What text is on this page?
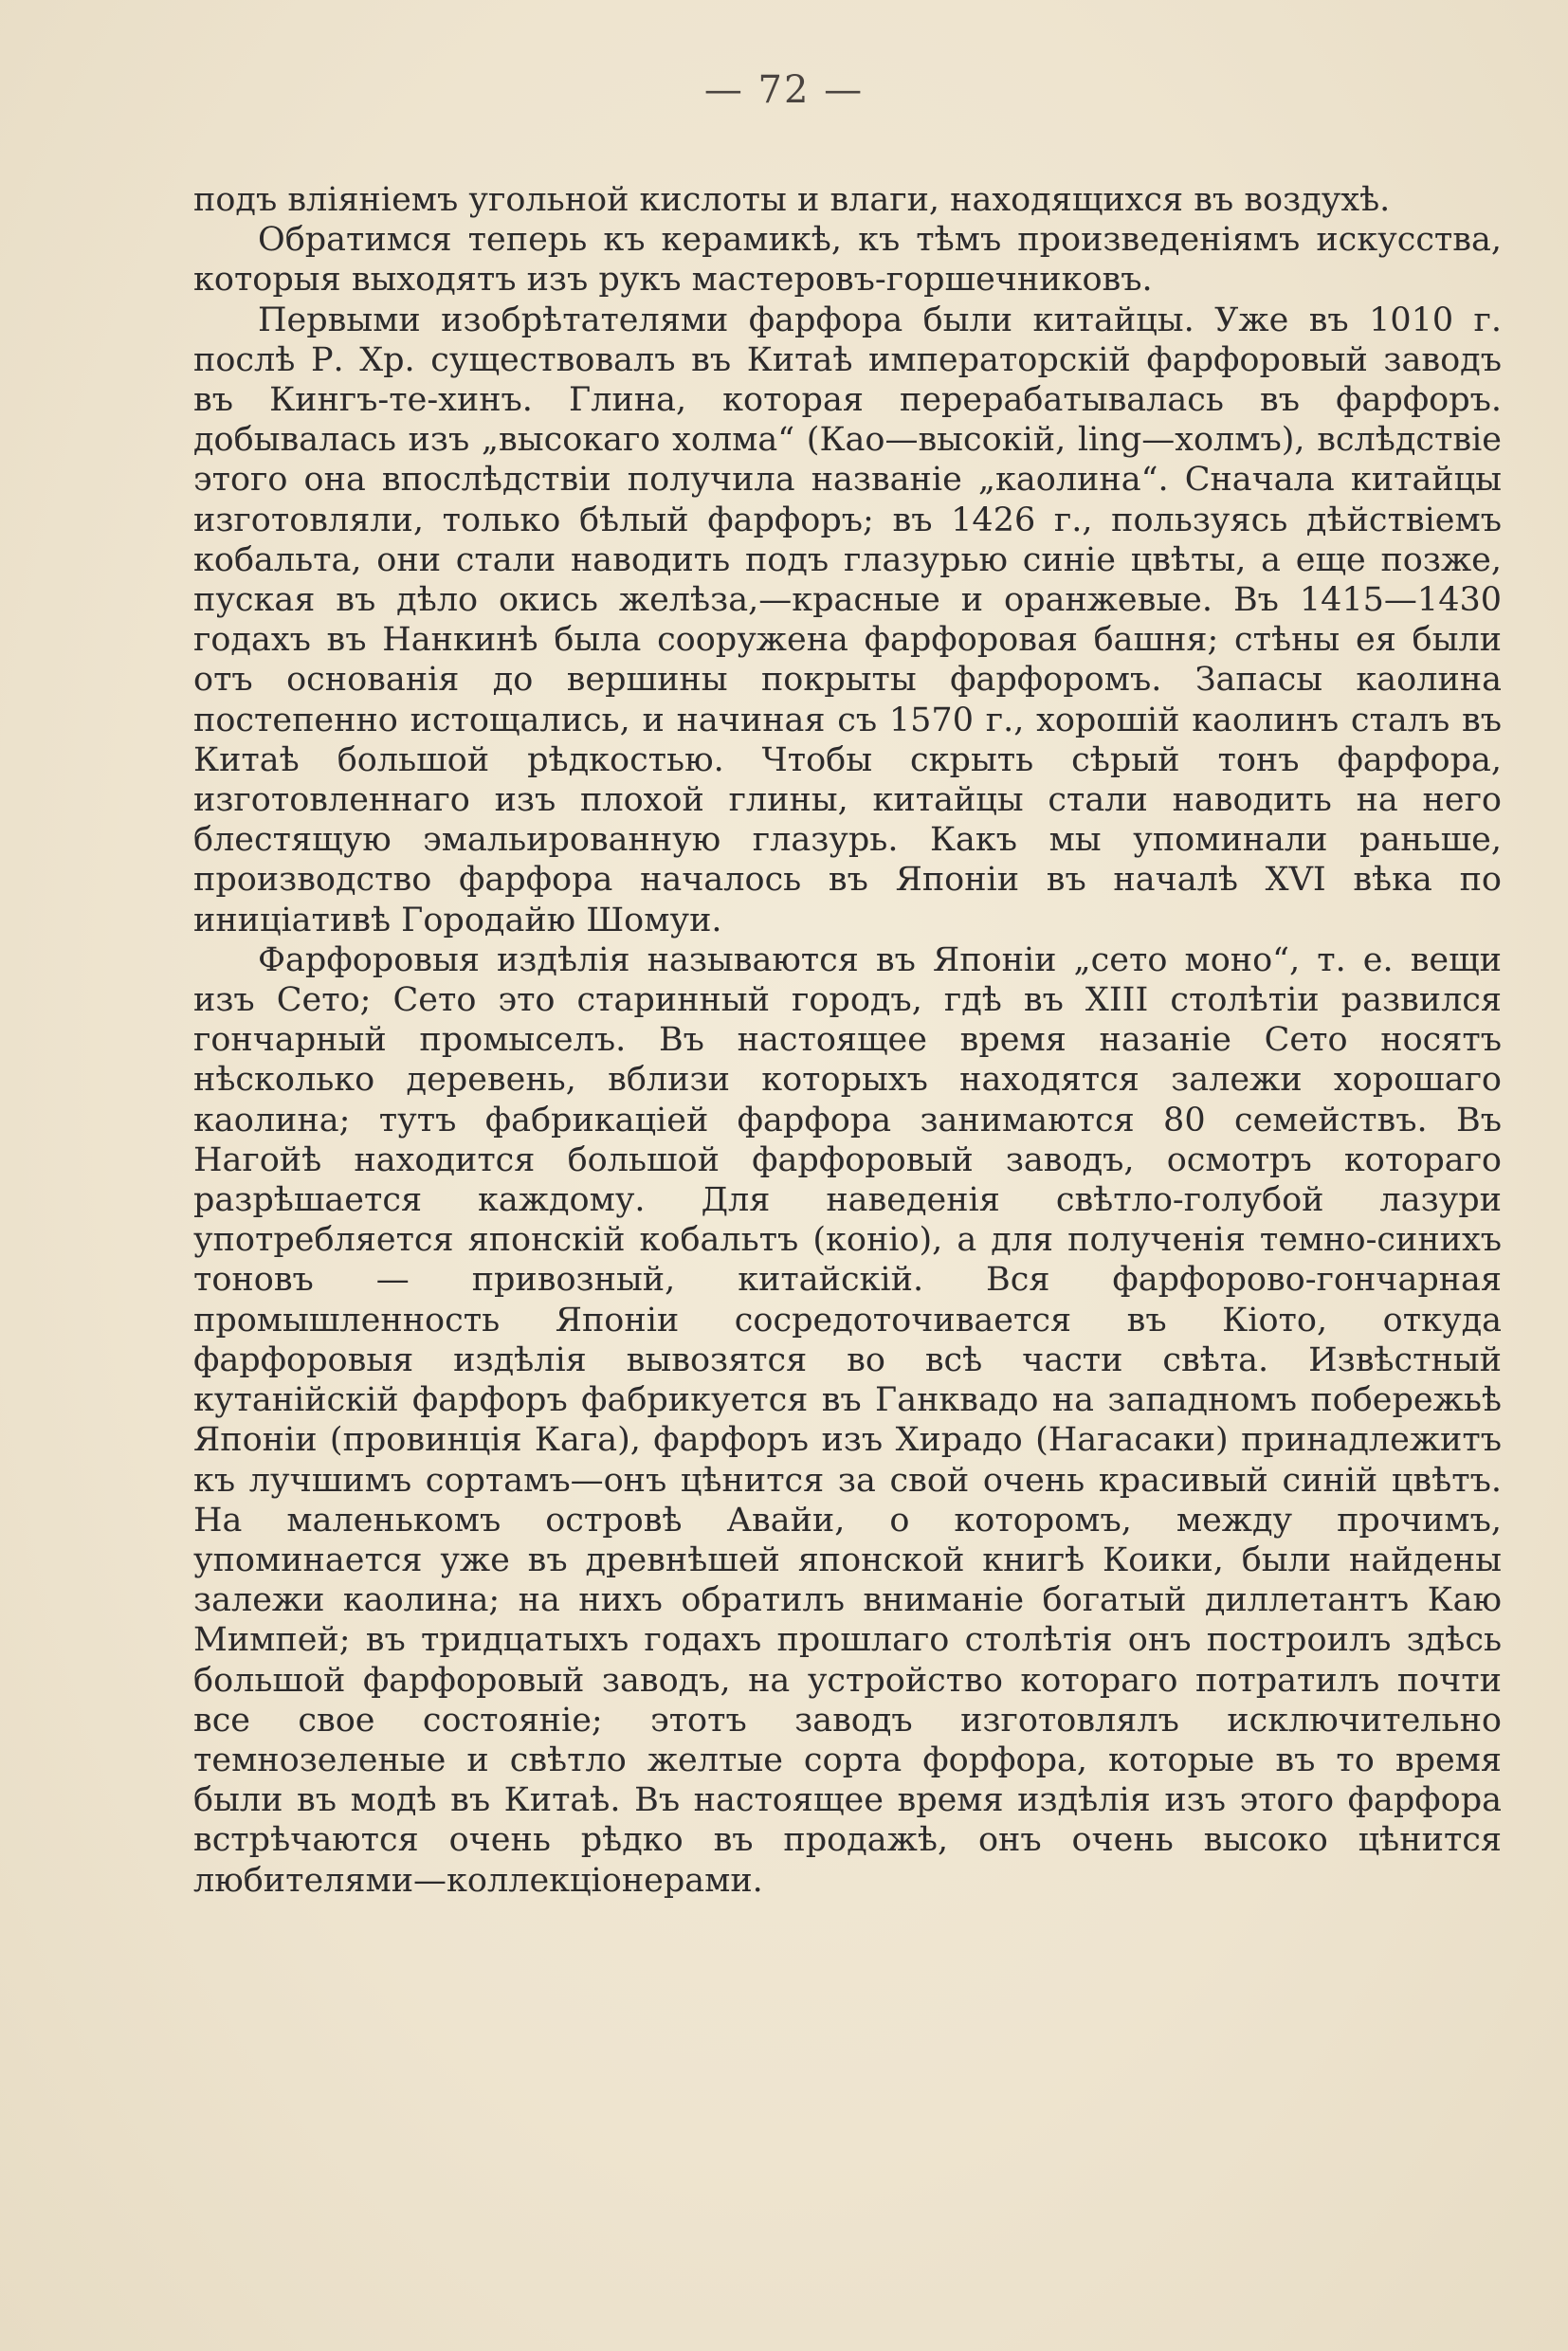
— 72 —

подъ вліяніемъ угольной кислоты и влаги, находящихся въ воздухѣ.

Обратимся теперь къ керамикѣ, къ тѣмъ произведеніямъ искусства, которыя выходятъ изъ рукъ мастеровъ-горшечниковъ.

Первыми изобрѣтателями фарфора были китайцы. Уже въ 1010 г. послѣ Р. Хр. существовалъ въ Китаѣ императорскій фарфоровый заводъ въ Кингъ-те-хинъ. Глина, которая перерабатывалась въ фарфоръ. добывалась изъ „высокаго холма“ (Као—высокій, ling—холмъ), вслѣдствіе этого она впослѣдствіи получила названіе „каолина“. Сначала китайцы изготовляли, только бѣлый фарфоръ; въ 1426 г., пользуясь дѣйствіемъ кобальта, они стали наводить подъ глазурью синіе цвѣты, а еще позже, пуская въ дѣло окись желѣза,—красные и оранжевые. Въ 1415—1430 годахъ въ Нанкинѣ была сооружена фарфоровая башня; стѣны ея были отъ основанія до вершины покрыты фарфоромъ. Запасы каолина постепенно истощались, и начиная съ 1570 г., хорошій каолинъ сталъ въ Китаѣ большой рѣдкостью. Чтобы скрыть сѣрый тонъ фарфора, изготовленнаго изъ плохой глины, китайцы стали наводить на него блестящую эмальированную глазурь. Какъ мы упоминали раньше, производство фарфора началось въ Японіи въ началѣ XVI вѣка по иниціативѣ Городайю Шомуи.

Фарфоровыя издѣлія называются въ Японіи „сето моно“, т. е. вещи изъ Сето; Сето это старинный городъ, гдѣ въ XIII столѣтіи развился гончарный промыселъ. Въ настоящее время назаніе Сето носятъ нѣсколько деревень, вблизи которыхъ находятся залежи хорошаго каолина; тутъ фабрикаціей фарфора занимаются 80 семействъ. Въ Нагойѣ находится большой фарфоровый заводъ, осмотръ котораго разрѣшается каждому. Для наведенія свѣтло-голубой лазури употребляется японскій кобальтъ (коніо), а для полученія темно-синихъ тоновъ — привозный, китайскій. Вся фарфорово-гончарная промышленность Японіи сосредоточивается въ Кіото, откуда фарфоровыя издѣлія вывозятся во всѣ части свѣта. Извѣстный кутанійскій фарфоръ фабрикуется въ Ганквадо на западномъ побережьѣ Японіи (провинція Кага), фарфоръ изъ Хирадо (Нагасаки) принадлежитъ къ лучшимъ сортамъ—онъ цѣнится за свой очень красивый синій цвѣтъ. На маленькомъ островѣ Авайи, о которомъ, между прочимъ, упоминается уже въ древнѣшей японской книгѣ Коики, были найдены залежи каолина; на нихъ обратилъ вниманіе богатый диллетантъ Каю Мимпей; въ тридцатыхъ годахъ прошлаго столѣтія онъ построилъ здѣсь большой фарфоровый заводъ, на устройство котораго потратилъ почти все свое состояніе; этотъ заводъ изготовлялъ исключительно темнозеленые и свѣтло желтые сорта форфора, которые въ то время были въ модѣ въ Китаѣ. Въ настоящее время издѣлія изъ этого фарфора встрѣчаются очень рѣдко въ продажѣ, онъ очень высоко цѣнится любителями—коллекціонерами.
